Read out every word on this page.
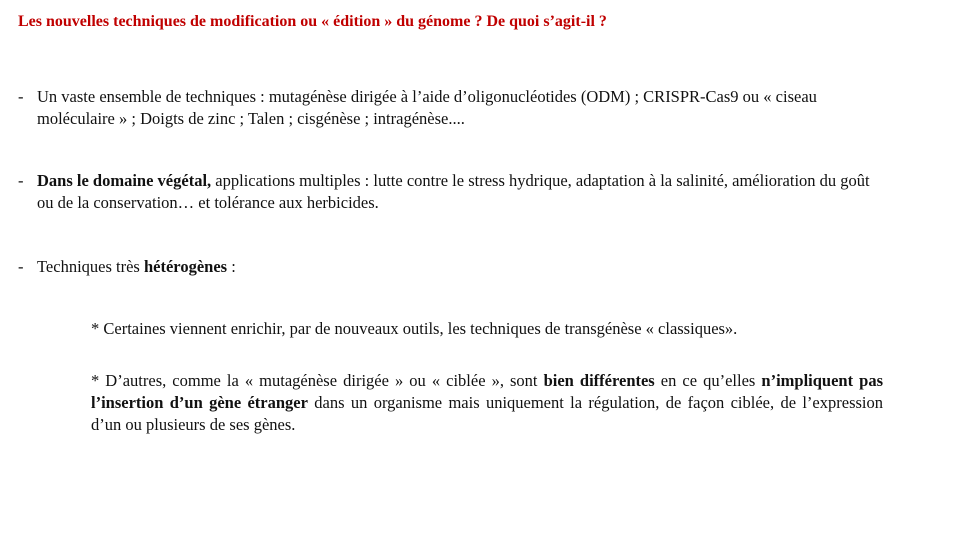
Les nouvelles techniques de modification ou « édition » du génome ? De quoi s’agit-il ?
- Un vaste ensemble de techniques : mutagénèse dirigée à l’aide d’oligonucléotides (ODM) ; CRISPR-Cas9 ou « ciseau moléculaire » ; Doigts de zinc ; Talen ; cisgénèse ; intragénèse....
- Dans le domaine végétal, applications multiples : lutte contre le stress hydrique, adaptation à la salinité, amélioration du goût ou de la conservation… et tolérance aux herbicides.
- Techniques très hétérogènes :
* Certaines viennent enrichir, par de nouveaux outils, les techniques de transgénèse « classiques».
* D’autres, comme la « mutagénèse dirigée » ou « ciblée », sont bien différentes en ce qu’elles n’impliquent pas l’insertion d’un gène étranger dans un organisme mais uniquement la régulation, de façon ciblée, de l’expression d’un ou plusieurs de ses gènes.
